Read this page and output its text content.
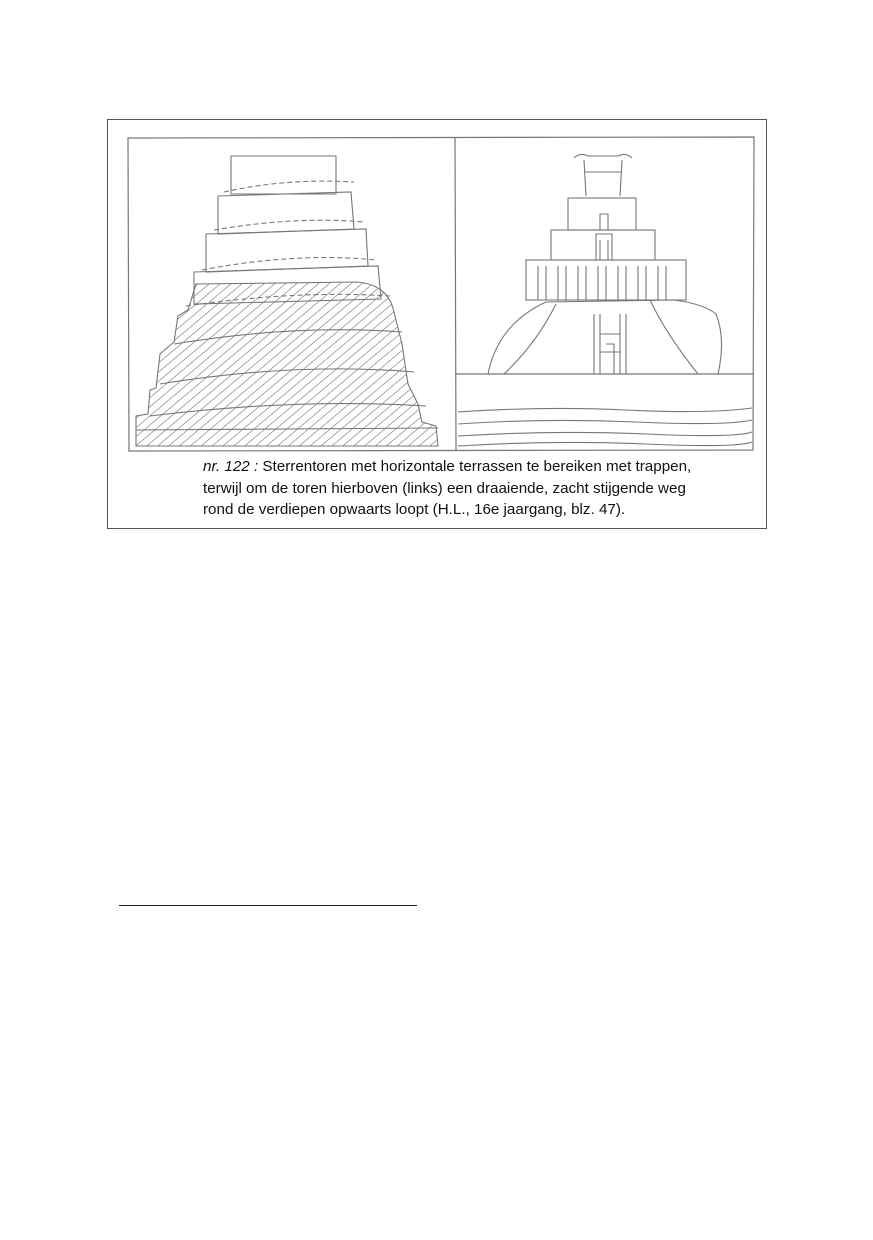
nr. 122 : Sterrentoren met horizontale terrassen te bereiken met trappen,
terwijl om de toren hierboven (links) een draaiende, zacht stijgende weg
rond de verdiepen opwaarts loopt (H.L., 16e jaargang, blz. 47).
